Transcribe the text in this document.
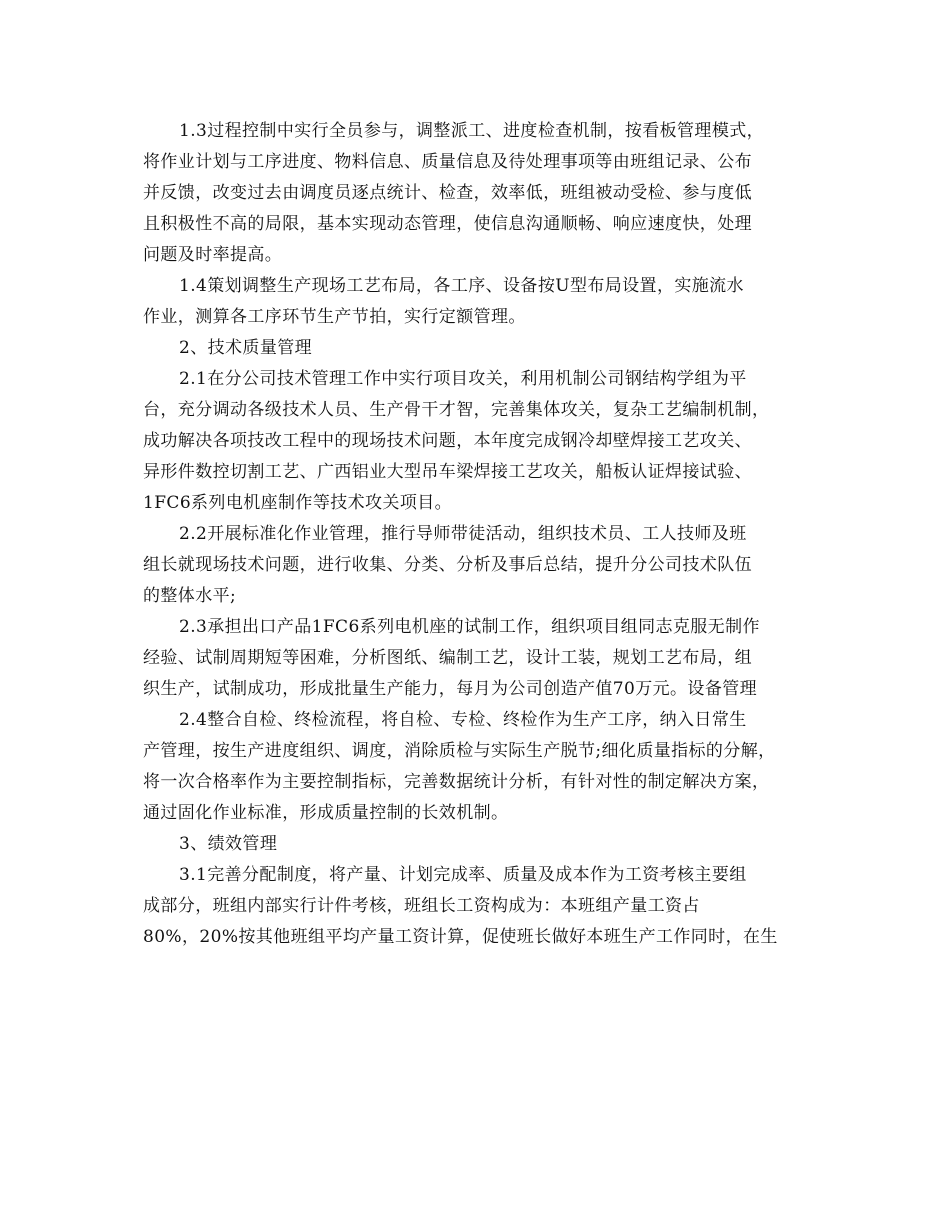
1.3过程控制中实行全员参与，调整派工、进度检查机制，按看板管理模式，
将作业计划与工序进度、物料信息、质量信息及待处理事项等由班组记录、公布
并反馈，改变过去由调度员逐点统计、检查，效率低，班组被动受检、参与度低
且积极性不高的局限，基本实现动态管理，使信息沟通顺畅、响应速度快，处理
问题及时率提高。
1.4策划调整生产现场工艺布局，各工序、设备按U型布局设置，实施流水
作业，测算各工序环节生产节拍，实行定额管理。
2、技术质量管理
2.1在分公司技术管理工作中实行项目攻关，利用机制公司钢结构学组为平
台，充分调动各级技术人员、生产骨干才智，完善集体攻关，复杂工艺编制机制，
成功解决各项技改工程中的现场技术问题，本年度完成钢冷却壁焊接工艺攻关、
异形件数控切割工艺、广西铝业大型吊车梁焊接工艺攻关，船板认证焊接试验、
1FC6系列电机座制作等技术攻关项目。
2.2开展标准化作业管理，推行导师带徒活动，组织技术员、工人技师及班
组长就现场技术问题，进行收集、分类、分析及事后总结，提升分公司技术队伍
的整体水平;
2.3承担出口产品1FC6系列电机座的试制工作，组织项目组同志克服无制作
经验、试制周期短等困难，分析图纸、编制工艺，设计工装，规划工艺布局，组
织生产，试制成功，形成批量生产能力，每月为公司创造产值70万元。设备管理
2.4整合自检、终检流程，将自检、专检、终检作为生产工序，纳入日常生
产管理，按生产进度组织、调度，消除质检与实际生产脱节;细化质量指标的分解，
将一次合格率作为主要控制指标，完善数据统计分析，有针对性的制定解决方案，
通过固化作业标准，形成质量控制的长效机制。
3、绩效管理
3.1完善分配制度，将产量、计划完成率、质量及成本作为工资考核主要组
成部分，班组内部实行计件考核，班组长工资构成为：本班组产量工资占
80%，20%按其他班组平均产量工资计算，促使班长做好本班生产工作同时，在生
